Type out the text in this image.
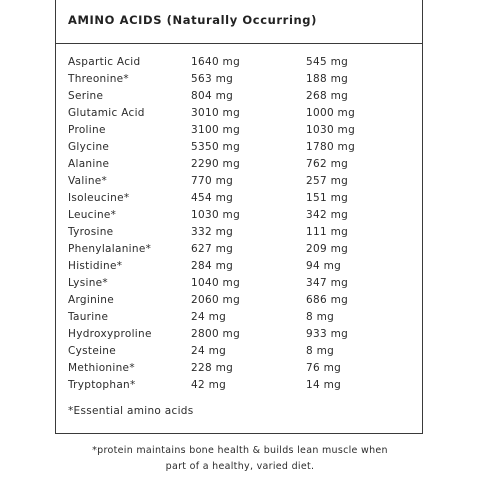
AMINO ACIDS (Naturally Occurring)
Aspartic Acid	1640 mg	545 mg
Threonine*	563 mg	188 mg
Serine	804 mg	268 mg
Glutamic Acid	3010 mg	1000 mg
Proline	3100 mg	1030 mg
Glycine	5350 mg	1780 mg
Alanine	2290 mg	762 mg
Valine*	770 mg	257 mg
Isoleucine*	454 mg	151 mg
Leucine*	1030 mg	342 mg
Tyrosine	332 mg	111 mg
Phenylalanine*	627 mg	209 mg
Histidine*	284 mg	94 mg
Lysine*	1040 mg	347 mg
Arginine	2060 mg	686 mg
Taurine	24 mg	8 mg
Hydroxyproline	2800 mg	933 mg
Cysteine	24 mg	8 mg
Methionine*	228 mg	76 mg
Tryptophan*	42 mg	14 mg
*Essential amino acids
*protein maintains bone health & builds lean muscle when
part of a healthy, varied diet.
